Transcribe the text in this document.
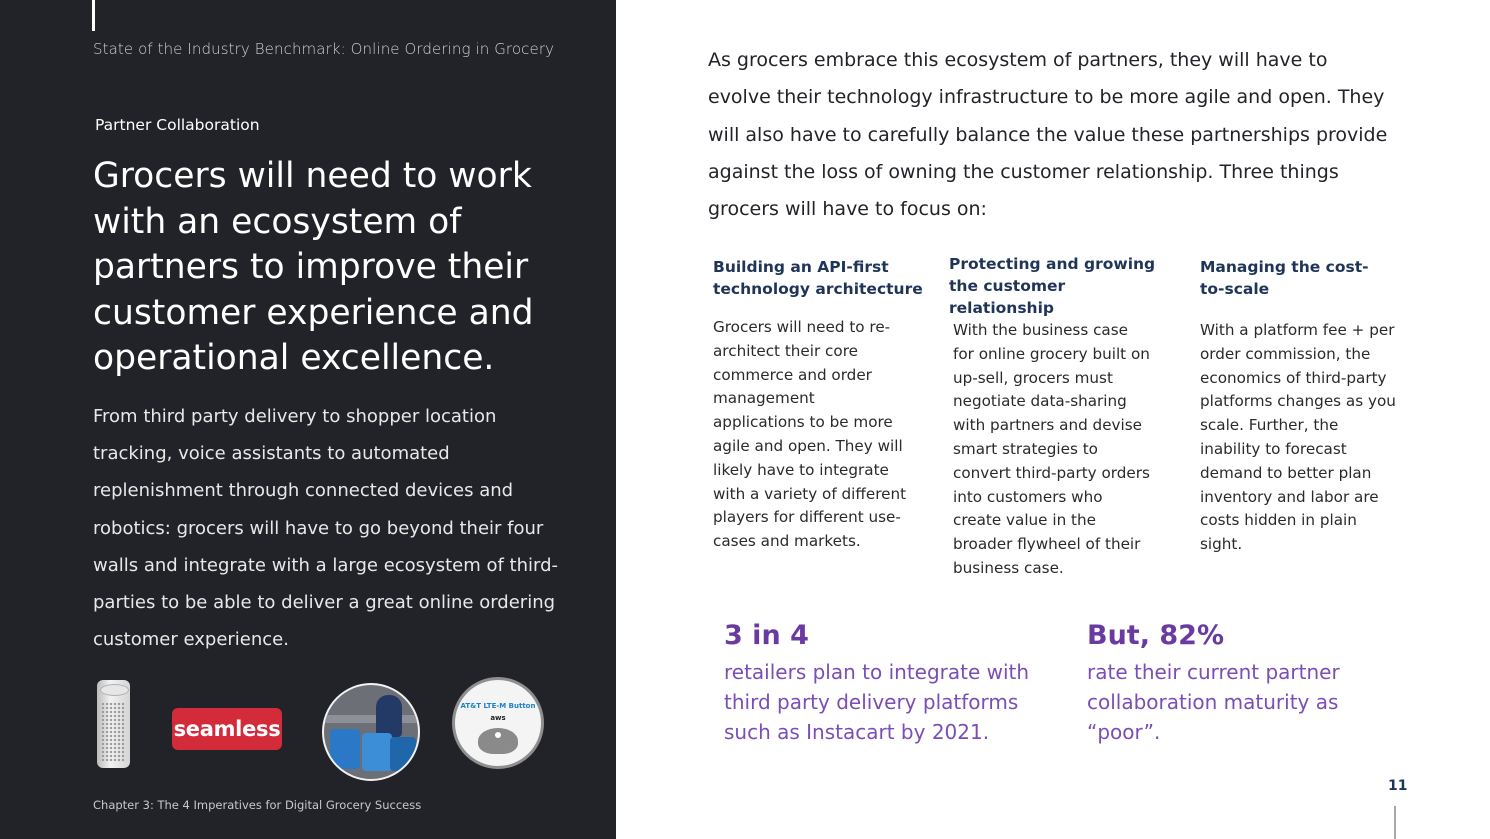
State of the Industry Benchmark: Online Ordering in Grocery
Partner Collaboration
Grocers will need to work with an ecosystem of partners to improve their customer experience and operational excellence.

From third party delivery to shopper location tracking, voice assistants to automated replenishment through connected devices and robotics: grocers will have to go beyond their four walls and integrate with a large ecosystem of third-parties to be able to deliver a great online ordering customer experience.

seamless
AT&T LTE-M Button
aws
Chapter 3: The 4 Imperatives for Digital Grocery Success

As grocers embrace this ecosystem of partners, they will have to evolve their technology infrastructure to be more agile and open. They will also have to carefully balance the value these partnerships provide against the loss of owning the customer relationship. Three things grocers will have to focus on:

Building an API-first technology architecture

Grocers will need to re-architect their core commerce and order management applications to be more agile and open. They will likely have to integrate with a variety of different players for different use-cases and markets.

Protecting and growing the customer relationship

With the business case for online grocery built on up-sell, grocers must negotiate data-sharing with partners and devise smart strategies to convert third-party orders into customers who create value in the broader flywheel of their business case.

Managing the cost-to-scale

With a platform fee + per order commission, the economics of third-party platforms changes as you scale. Further, the inability to forecast demand to better plan inventory and labor are costs hidden in plain sight.

3 in 4

retailers plan to integrate with third party delivery platforms such as Instacart by 2021.

But, 82%

rate their current partner collaboration maturity as “poor”.

11
